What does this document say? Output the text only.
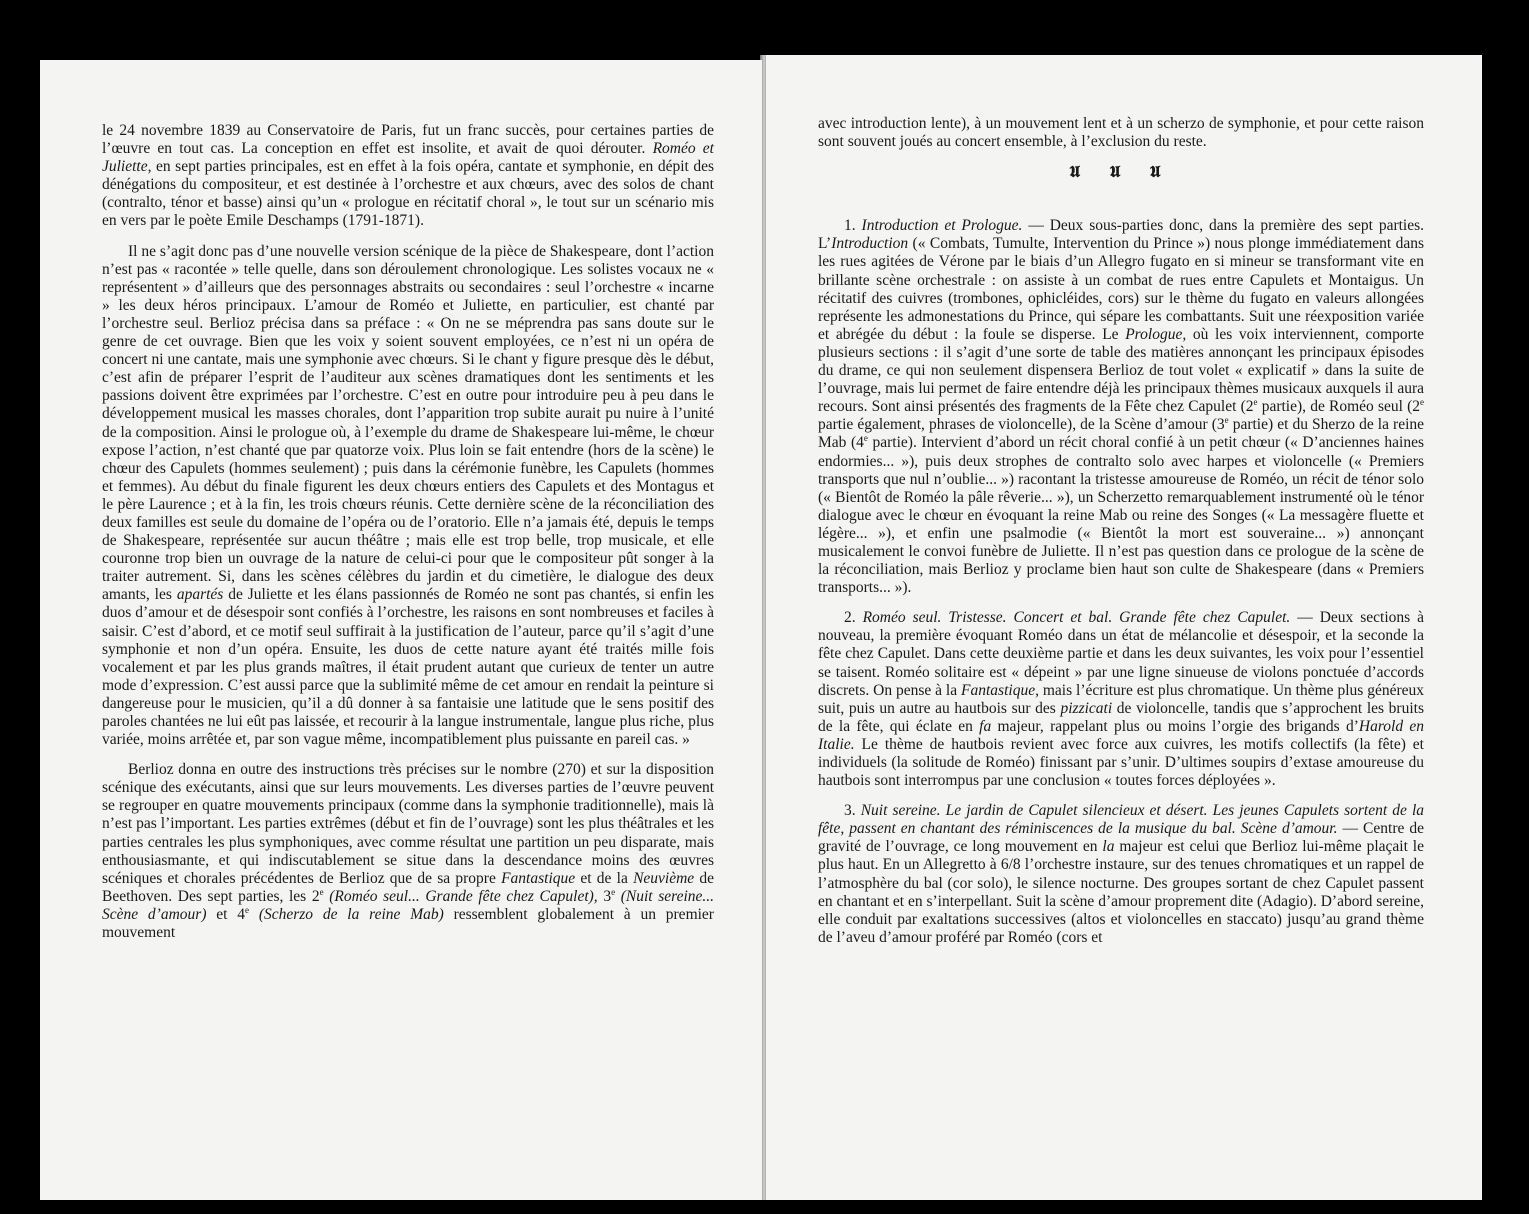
le 24 novembre 1839 au Conservatoire de Paris, fut un franc succès, pour certaines parties de l’œuvre en tout cas. La conception en effet est insolite, et avait de quoi dérouter. Roméo et Juliette, en sept parties principales, est en effet à la fois opéra, cantate et symphonie, en dépit des dénégations du compositeur, et est destinée à l’orchestre et aux chœurs, avec des solos de chant (contralto, ténor et basse) ainsi qu’un « prologue en récitatif choral », le tout sur un scénario mis en vers par le poète Emile Deschamps (1791-1871).

Il ne s’agit donc pas d’une nouvelle version scénique de la pièce de Shakespeare, dont l’action n’est pas « racontée » telle quelle, dans son déroulement chronologique. Les solistes vocaux ne « représentent » d’ailleurs que des personnages abstraits ou secondaires : seul l’orchestre « incarne » les deux héros principaux. L’amour de Roméo et Juliette, en particulier, est chanté par l’orchestre seul. Berlioz précisa dans sa préface : « On ne se méprendra pas sans doute sur le genre de cet ouvrage. Bien que les voix y soient souvent employées, ce n’est ni un opéra de concert ni une cantate, mais une symphonie avec chœurs. Si le chant y figure presque dès le début, c’est afin de préparer l’esprit de l’auditeur aux scènes dramatiques dont les sentiments et les passions doivent être exprimées par l’orchestre. C’est en outre pour introduire peu à peu dans le développement musical les masses chorales, dont l’apparition trop subite aurait pu nuire à l’unité de la composition. Ainsi le prologue où, à l’exemple du drame de Shakespeare lui-même, le chœur expose l’action, n’est chanté que par quatorze voix. Plus loin se fait entendre (hors de la scène) le chœur des Capulets (hommes seulement) ; puis dans la cérémonie funèbre, les Capulets (hommes et femmes). Au début du finale figurent les deux chœurs entiers des Capulets et des Montagus et le père Laurence ; et à la fin, les trois chœurs réunis. Cette dernière scène de la réconciliation des deux familles est seule du domaine de l’opéra ou de l’oratorio. Elle n’a jamais été, depuis le temps de Shakespeare, représentée sur aucun théâtre ; mais elle est trop belle, trop musicale, et elle couronne trop bien un ouvrage de la nature de celui-ci pour que le compositeur pût songer à la traiter autrement. Si, dans les scènes célèbres du jardin et du cimetière, le dialogue des deux amants, les apartés de Juliette et les élans passionnés de Roméo ne sont pas chantés, si enfin les duos d’amour et de désespoir sont confiés à l’orchestre, les raisons en sont nombreuses et faciles à saisir. C’est d’abord, et ce motif seul suffirait à la justification de l’auteur, parce qu’il s’agit d’une symphonie et non d’un opéra. Ensuite, les duos de cette nature ayant été traités mille fois vocalement et par les plus grands maîtres, il était prudent autant que curieux de tenter un autre mode d’expression. C’est aussi parce que la sublimité même de cet amour en rendait la peinture si dangereuse pour le musicien, qu’il a dû donner à sa fantaisie une latitude que le sens positif des paroles chantées ne lui eût pas laissée, et recourir à la langue instrumentale, langue plus riche, plus variée, moins arrêtée et, par son vague même, incompatiblement plus puissante en pareil cas. »

Berlioz donna en outre des instructions très précises sur le nombre (270) et sur la disposition scénique des exécutants, ainsi que sur leurs mouvements. Les diverses parties de l’œuvre peuvent se regrouper en quatre mouvements principaux (comme dans la symphonie traditionnelle), mais là n’est pas l’important. Les parties extrêmes (début et fin de l’ouvrage) sont les plus théâtrales et les parties centrales les plus symphoniques, avec comme résultat une partition un peu disparate, mais enthousiasmante, et qui indiscutablement se situe dans la descendance moins des œuvres scéniques et chorales précédentes de Berlioz que de sa propre Fantastique et de la Neuvième de Beethoven. Des sept parties, les 2e (Roméo seul... Grande fête chez Capulet), 3e (Nuit sereine... Scène d’amour) et 4e (Scherzo de la reine Mab) ressemblent globalement à un premier mouvement

avec introduction lente), à un mouvement lent et à un scherzo de symphonie, et pour cette raison sont souvent joués au concert ensemble, à l’exclusion du reste.

𝖀 𝖀 𝖀

1. Introduction et Prologue. — Deux sous-parties donc, dans la première des sept parties. L’Introduction (« Combats, Tumulte, Intervention du Prince ») nous plonge immédiatement dans les rues agitées de Vérone par le biais d’un Allegro fugato en si mineur se transformant vite en brillante scène orchestrale : on assiste à un combat de rues entre Capulets et Montaigus. Un récitatif des cuivres (trombones, ophicléides, cors) sur le thème du fugato en valeurs allongées représente les admonestations du Prince, qui sépare les combattants. Suit une réexposition variée et abrégée du début : la foule se disperse. Le Prologue, où les voix interviennent, comporte plusieurs sections : il s’agit d’une sorte de table des matières annonçant les principaux épisodes du drame, ce qui non seulement dispensera Berlioz de tout volet « explicatif » dans la suite de l’ouvrage, mais lui permet de faire entendre déjà les principaux thèmes musicaux auxquels il aura recours. Sont ainsi présentés des fragments de la Fête chez Capulet (2e partie), de Roméo seul (2e partie également, phrases de violoncelle), de la Scène d’amour (3e partie) et du Sherzo de la reine Mab (4e partie). Intervient d’abord un récit choral confié à un petit chœur (« D’anciennes haines endormies... »), puis deux strophes de contralto solo avec harpes et violoncelle (« Premiers transports que nul n’oublie... ») racontant la tristesse amoureuse de Roméo, un récit de ténor solo (« Bientôt de Roméo la pâle rêverie... »), un Scherzetto remarquablement instrumenté où le ténor dialogue avec le chœur en évoquant la reine Mab ou reine des Songes (« La messagère fluette et légère... »), et enfin une psalmodie (« Bientôt la mort est souveraine... ») annonçant musicalement le convoi funèbre de Juliette. Il n’est pas question dans ce prologue de la scène de la réconciliation, mais Berlioz y proclame bien haut son culte de Shakespeare (dans « Premiers transports... »).

2. Roméo seul. Tristesse. Concert et bal. Grande fête chez Capulet. — Deux sections à nouveau, la première évoquant Roméo dans un état de mélancolie et désespoir, et la seconde la fête chez Capulet. Dans cette deuxième partie et dans les deux suivantes, les voix pour l’essentiel se taisent. Roméo solitaire est « dépeint » par une ligne sinueuse de violons ponctuée d’accords discrets. On pense à la Fantastique, mais l’écriture est plus chromatique. Un thème plus généreux suit, puis un autre au hautbois sur des pizzicati de violoncelle, tandis que s’approchent les bruits de la fête, qui éclate en fa majeur, rappelant plus ou moins l’orgie des brigands d’Harold en Italie. Le thème de hautbois revient avec force aux cuivres, les motifs collectifs (la fête) et individuels (la solitude de Roméo) finissant par s’unir. D’ultimes soupirs d’extase amoureuse du hautbois sont interrompus par une conclusion « toutes forces déployées ».

3. Nuit sereine. Le jardin de Capulet silencieux et désert. Les jeunes Capulets sortent de la fête, passent en chantant des réminiscences de la musique du bal. Scène d’amour. — Centre de gravité de l’ouvrage, ce long mouvement en la majeur est celui que Berlioz lui-même plaçait le plus haut. En un Allegretto à 6/8 l’orchestre instaure, sur des tenues chromatiques et un rappel de l’atmosphère du bal (cor solo), le silence nocturne. Des groupes sortant de chez Capulet passent en chantant et en s’interpellant. Suit la scène d’amour proprement dite (Adagio). D’abord sereine, elle conduit par exaltations successives (altos et violoncelles en staccato) jusqu’au grand thème de l’aveu d’amour proféré par Roméo (cors et
